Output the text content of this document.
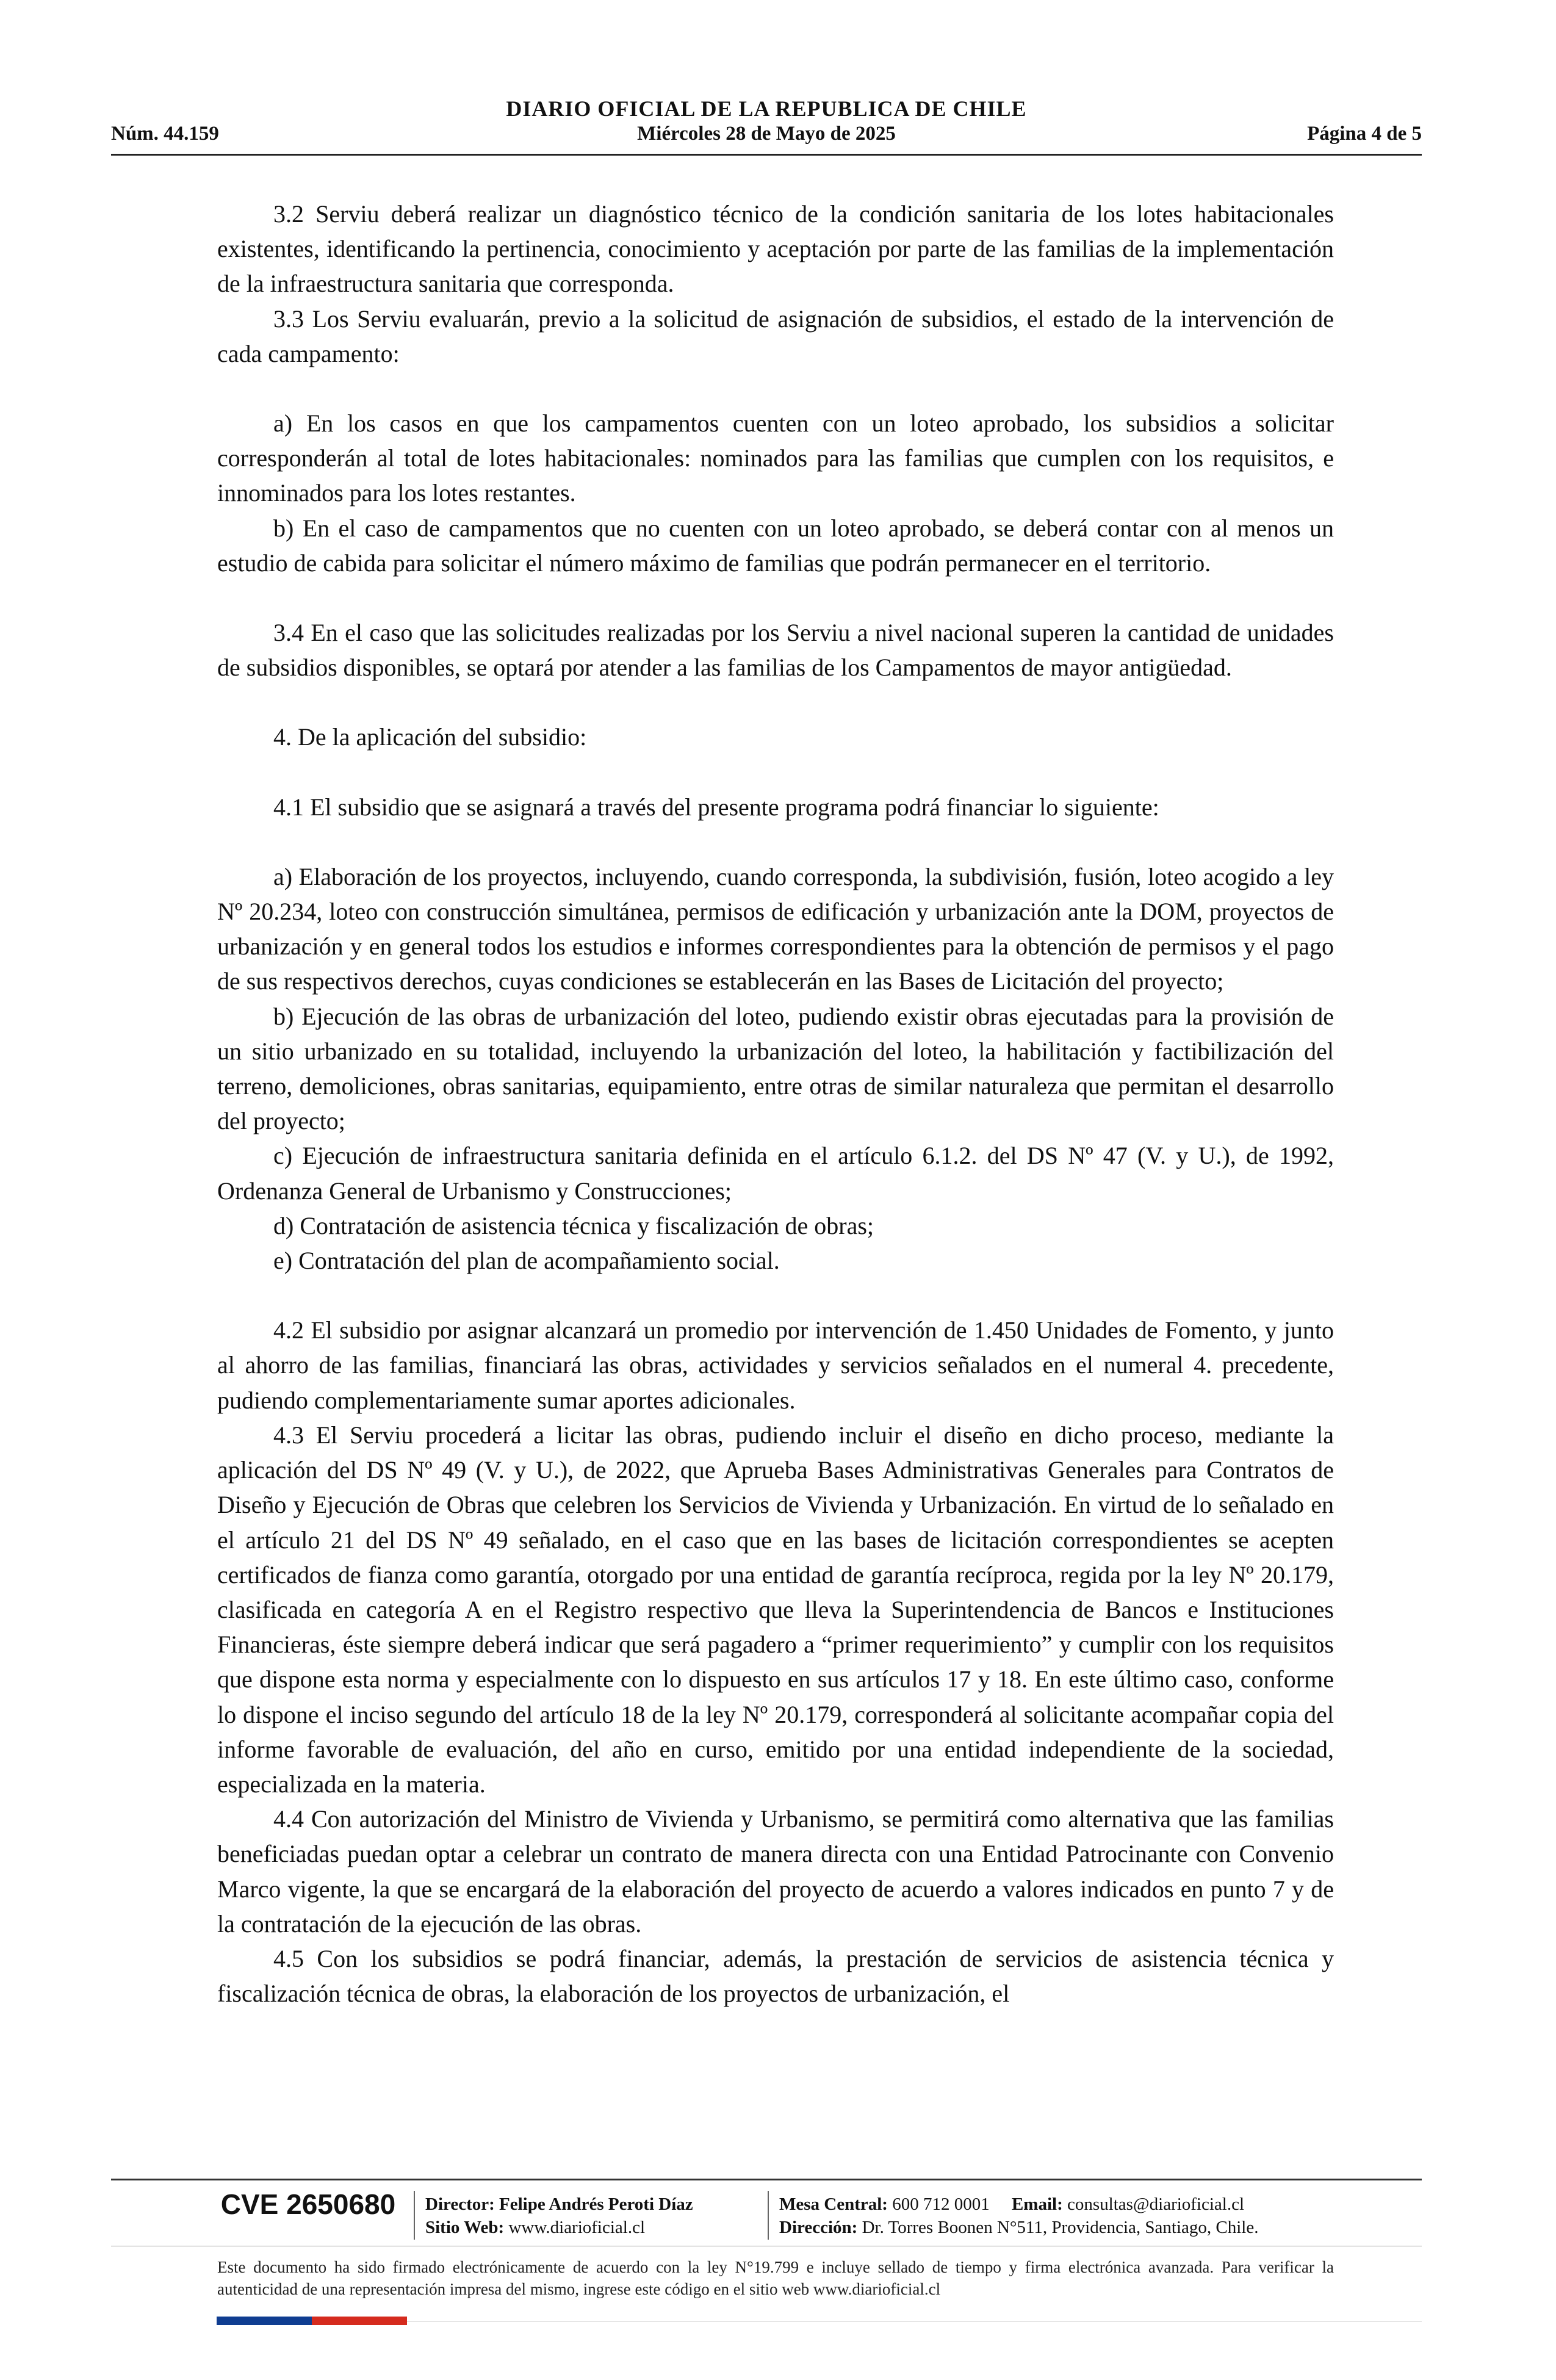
DIARIO OFICIAL DE LA REPUBLICA DE CHILE
Núm. 44.159	Miércoles 28 de Mayo de 2025	Página 4 de 5

3.2 Serviu deberá realizar un diagnóstico técnico de la condición sanitaria de los lotes habitacionales existentes, identificando la pertinencia, conocimiento y aceptación por parte de las familias de la implementación de la infraestructura sanitaria que corresponda.

3.3 Los Serviu evaluarán, previo a la solicitud de asignación de subsidios, el estado de la intervención de cada campamento:

a) En los casos en que los campamentos cuenten con un loteo aprobado, los subsidios a solicitar corresponderán al total de lotes habitacionales: nominados para las familias que cumplen con los requisitos, e innominados para los lotes restantes.

b) En el caso de campamentos que no cuenten con un loteo aprobado, se deberá contar con al menos un estudio de cabida para solicitar el número máximo de familias que podrán permanecer en el territorio.

3.4 En el caso que las solicitudes realizadas por los Serviu a nivel nacional superen la cantidad de unidades de subsidios disponibles, se optará por atender a las familias de los Campamentos de mayor antigüedad.

4. De la aplicación del subsidio:

4.1 El subsidio que se asignará a través del presente programa podrá financiar lo siguiente:

a) Elaboración de los proyectos, incluyendo, cuando corresponda, la subdivisión, fusión, loteo acogido a ley Nº 20.234, loteo con construcción simultánea, permisos de edificación y urbanización ante la DOM, proyectos de urbanización y en general todos los estudios e informes correspondientes para la obtención de permisos y el pago de sus respectivos derechos, cuyas condiciones se establecerán en las Bases de Licitación del proyecto;

b) Ejecución de las obras de urbanización del loteo, pudiendo existir obras ejecutadas para la provisión de un sitio urbanizado en su totalidad, incluyendo la urbanización del loteo, la habilitación y factibilización del terreno, demoliciones, obras sanitarias, equipamiento, entre otras de similar naturaleza que permitan el desarrollo del proyecto;

c) Ejecución de infraestructura sanitaria definida en el artículo 6.1.2. del DS Nº 47 (V. y U.), de 1992, Ordenanza General de Urbanismo y Construcciones;

d) Contratación de asistencia técnica y fiscalización de obras;

e) Contratación del plan de acompañamiento social.

4.2 El subsidio por asignar alcanzará un promedio por intervención de 1.450 Unidades de Fomento, y junto al ahorro de las familias, financiará las obras, actividades y servicios señalados en el numeral 4. precedente, pudiendo complementariamente sumar aportes adicionales.

4.3 El Serviu procederá a licitar las obras, pudiendo incluir el diseño en dicho proceso, mediante la aplicación del DS Nº 49 (V. y U.), de 2022, que Aprueba Bases Administrativas Generales para Contratos de Diseño y Ejecución de Obras que celebren los Servicios de Vivienda y Urbanización. En virtud de lo señalado en el artículo 21 del DS Nº 49 señalado, en el caso que en las bases de licitación correspondientes se acepten certificados de fianza como garantía, otorgado por una entidad de garantía recíproca, regida por la ley Nº 20.179, clasificada en categoría A en el Registro respectivo que lleva la Superintendencia de Bancos e Instituciones Financieras, éste siempre deberá indicar que será pagadero a “primer requerimiento” y cumplir con los requisitos que dispone esta norma y especialmente con lo dispuesto en sus artículos 17 y 18. En este último caso, conforme lo dispone el inciso segundo del artículo 18 de la ley Nº 20.179, corresponderá al solicitante acompañar copia del informe favorable de evaluación, del año en curso, emitido por una entidad independiente de la sociedad, especializada en la materia.

4.4 Con autorización del Ministro de Vivienda y Urbanismo, se permitirá como alternativa que las familias beneficiadas puedan optar a celebrar un contrato de manera directa con una Entidad Patrocinante con Convenio Marco vigente, la que se encargará de la elaboración del proyecto de acuerdo a valores indicados en punto 7 y de la contratación de la ejecución de las obras.

4.5 Con los subsidios se podrá financiar, además, la prestación de servicios de asistencia técnica y fiscalización técnica de obras, la elaboración de los proyectos de urbanización, el

CVE 2650680 Director: Felipe Andrés Peroti Díaz
Sitio Web: www.diarioficial.cl
Mesa Central: 600 712 0001 Email: consultas@diarioficial.cl
Dirección: Dr. Torres Boonen N°511, Providencia, Santiago, Chile.
Este documento ha sido firmado electrónicamente de acuerdo con la ley N°19.799 e incluye sellado de tiempo y firma electrónica avanzada. Para verificar la autenticidad de una representación impresa del mismo, ingrese este código en el sitio web www.diarioficial.cl
